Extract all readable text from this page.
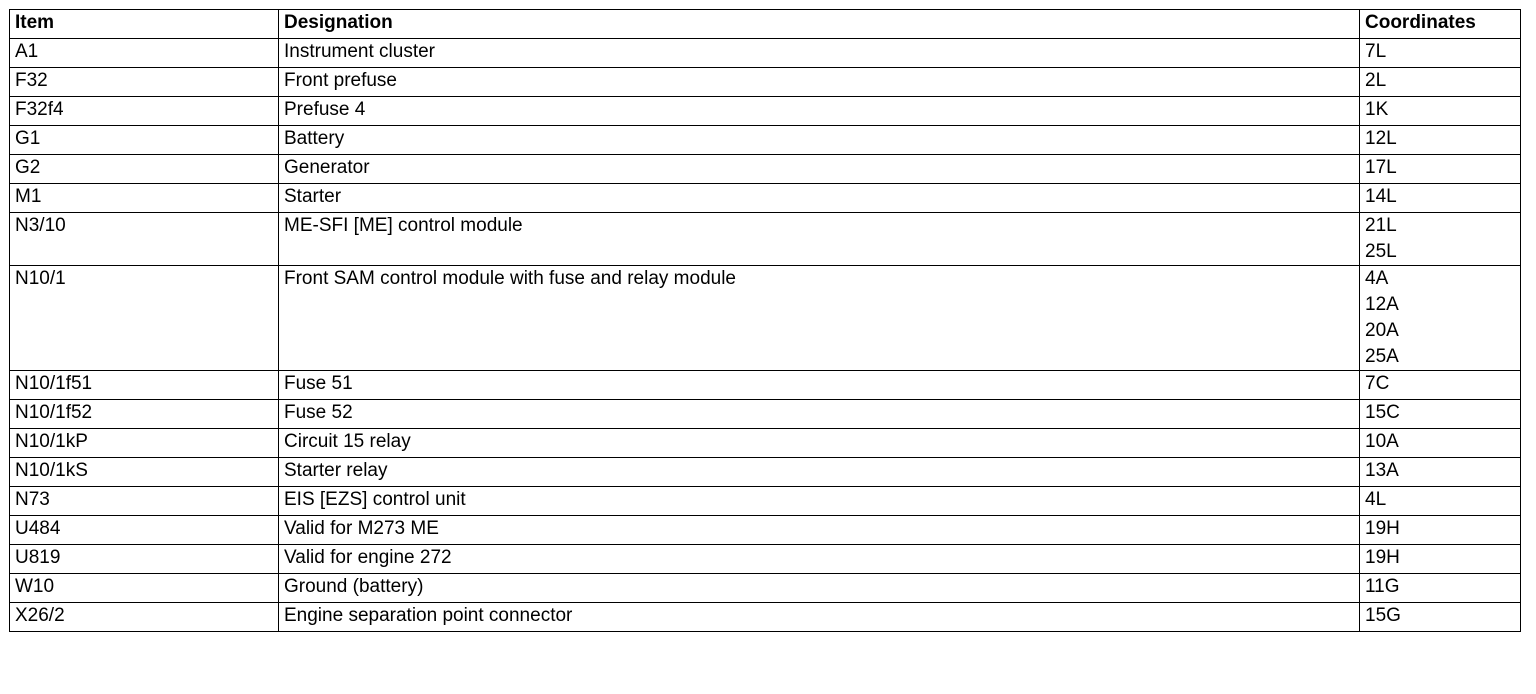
Item	Designation	Coordinates
A1	Instrument cluster	7L

F32	Front prefuse	2L

F32f4	Prefuse 4	1K

G1	Battery	12L

G2	Generator	17L

M1	Starter	14L

N3/10	ME-SFI [ME] control module	21L
25L

N10/1	Front SAM control module with fuse and relay module	4A
12A
20A
25A

N10/1f51	Fuse 51	7C

N10/1f52	Fuse 52	15C

N10/1kP	Circuit 15 relay	10A

N10/1kS	Starter relay	13A

N73	EIS [EZS] control unit	4L

U484	Valid for M273 ME	19H

U819	Valid for engine 272	19H

W10	Ground (battery)	11G

X26/2	Engine separation point connector	15G
